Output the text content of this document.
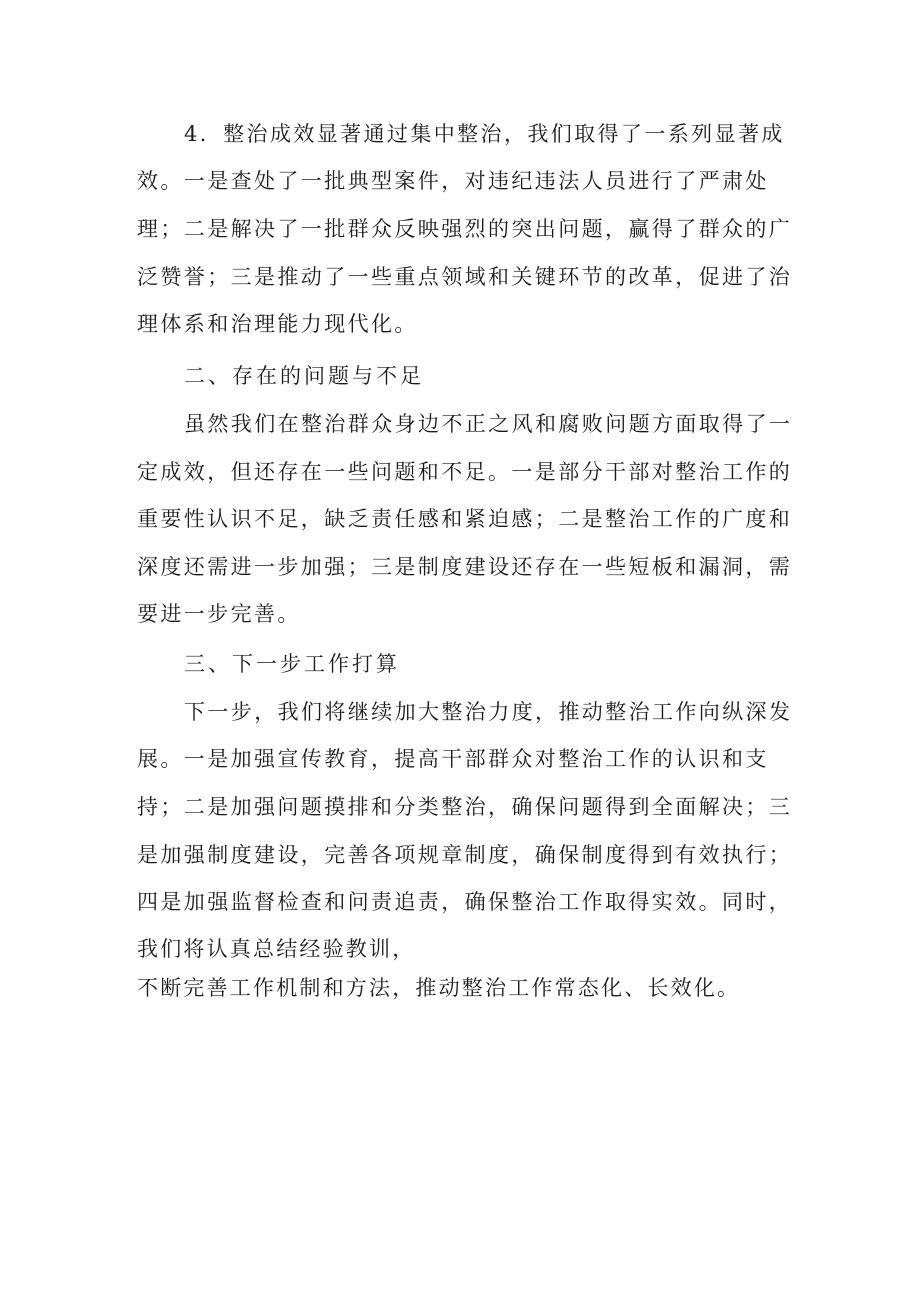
4．整治成效显著通过集中整治，我们取得了一系列显著成

效。一是查处了一批典型案件，对违纪违法人员进行了严肃处

理；二是解决了一批群众反映强烈的突出问题，赢得了群众的广

泛赞誉；三是推动了一些重点领域和关键环节的改革，促进了治

理体系和治理能力现代化。

二、存在的问题与不足

虽然我们在整治群众身边不正之风和腐败问题方面取得了一

定成效，但还存在一些问题和不足。一是部分干部对整治工作的

重要性认识不足，缺乏责任感和紧迫感；二是整治工作的广度和

深度还需进一步加强；三是制度建设还存在一些短板和漏洞，需

要进一步完善。

三、下一步工作打算

下一步，我们将继续加大整治力度，推动整治工作向纵深发

展。一是加强宣传教育，提高干部群众对整治工作的认识和支

持；二是加强问题摸排和分类整治，确保问题得到全面解决；三

是加强制度建设，完善各项规章制度，确保制度得到有效执行；

四是加强监督检查和问责追责，确保整治工作取得实效。同时，

我们将认真总结经验教训，

不断完善工作机制和方法，推动整治工作常态化、长效化。
